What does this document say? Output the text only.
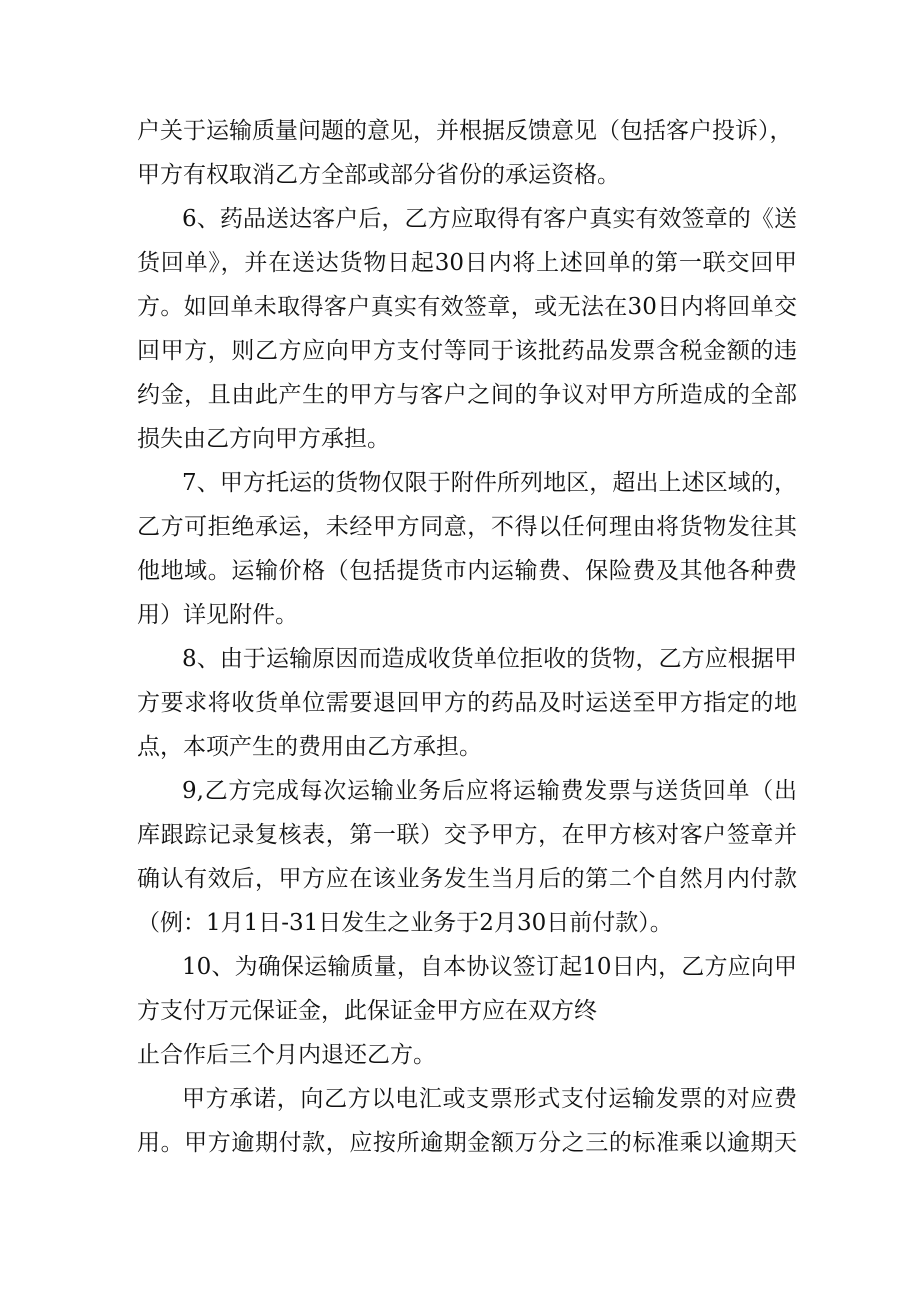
户关于运输质量问题的意见，并根据反馈意见（包括客户投诉），
甲方有权取消乙方全部或部分省份的承运资格。
6、药品送达客户后，乙方应取得有客户真实有效签章的《送
货回单》，并在送达货物日起30日内将上述回单的第一联交回甲
方。如回单未取得客户真实有效签章，或无法在30日内将回单交
回甲方，则乙方应向甲方支付等同于该批药品发票含税金额的违
约金，且由此产生的甲方与客户之间的争议对甲方所造成的全部
损失由乙方向甲方承担。
7、甲方托运的货物仅限于附件所列地区，超出上述区域的，
乙方可拒绝承运，未经甲方同意，不得以任何理由将货物发往其
他地域。运输价格（包括提货市内运输费、保险费及其他各种费
用）详见附件。
8、由于运输原因而造成收货单位拒收的货物，乙方应根据甲
方要求将收货单位需要退回甲方的药品及时运送至甲方指定的地
点，本项产生的费用由乙方承担。
9,乙方完成每次运输业务后应将运输费发票与送货回单（出
库跟踪记录复核表，第一联）交予甲方，在甲方核对客户签章并
确认有效后，甲方应在该业务发生当月后的第二个自然月内付款
（例：1月1日-31日发生之业务于2月30日前付款）。
10、为确保运输质量，自本协议签订起10日内，乙方应向甲
方支付万元保证金，此保证金甲方应在双方终
止合作后三个月内退还乙方。
甲方承诺，向乙方以电汇或支票形式支付运输发票的对应费
用。甲方逾期付款，应按所逾期金额万分之三的标准乘以逾期天
